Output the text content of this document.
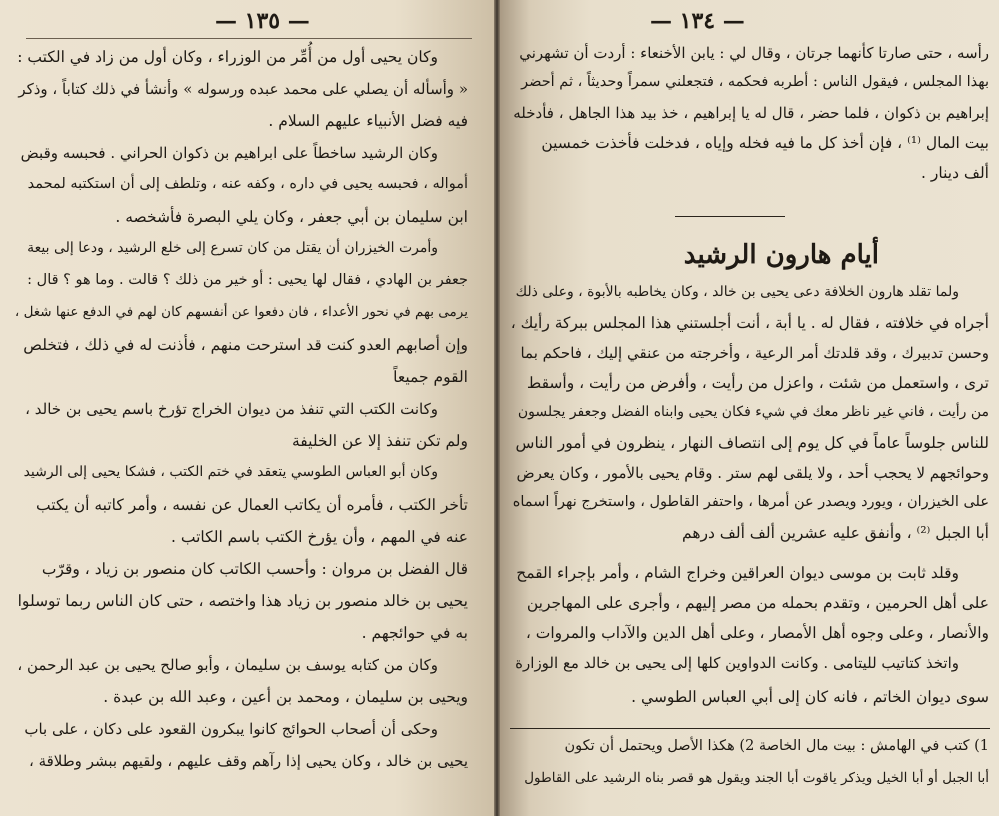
— ١٣٥ —
وكان يحيى أول من أُمِّر من الوزراء ، وكان أول من زاد في الكتب :
« وأسأله أن يصلي على محمد عبده ورسوله » وأنشأ في ذلك كتاباً ، وذكر
فيه فضل الأنبياء عليهم السلام .
وكان الرشيد ساخطاً على ابراهيم بن ذكوان الحراني . فحبسه وقبض
أمواله ، فحبسه يحيى في داره ، وكفه عنه ، وتلطف إلى أن استكتبه لمحمد
ابن سليمان بن أبي جعفر ، وكان يلي البصرة فأشخصه .
وأمرت الخيزران أن يقتل من كان تسرع إلى خلع الرشيد ، ودعا إلى بيعة
جعفر بن الهادي ، فقال لها يحيى : أو خير من ذلك ؟ قالت . وما هو ؟ قال :
يرمى بهم في نحور الأعداء ، فان دفعوا عن أنفسهم كان لهم في الدفع عنها شغل ،
وإن أصابهم العدو كنت قد استرحت منهم ، فأذنت له في ذلك ، فتخلص
القوم جميعاً
وكانت الكتب التي تنفذ من ديوان الخراج تؤرخ باسم يحيى بن خالد ،
ولم تكن تنفذ إلا عن الخليفة
وكان أبو العباس الطوسي يتعقد في ختم الكتب ، فشكا يحيى إلى الرشيد
تأخر الكتب ، فأمره أن يكاتب العمال عن نفسه ، وأمر كاتبه أن يكتب
عنه في المهم ، وأن يؤرخ الكتب باسم الكاتب .
قال الفضل بن مروان : وأحسب الكاتب كان منصور بن زياد ، وقرّب
يحيى بن خالد منصور بن زياد هذا واختصه ، حتى كان الناس ربما توسلوا
به في حوائجهم .
وكان من كتابه يوسف بن سليمان ، وأبو صالح يحيى بن عبد الرحمن ،
ويحيى بن سليمان ، ومحمد بن أعين ، وعبد الله بن عبدة .
وحكى أن أصحاب الحوائج كانوا يبكرون القعود على دكان ، على باب
يحيى بن خالد ، وكان يحيى إذا رآهم وقف عليهم ، ولقيهم ببشر وطلاقة ،
— ١٣٤ —
رأسه ، حتى صارتا كأنهما جرتان ، وقال لي : يابن الأخنعاء : أردت أن تشهرني
بهذا المجلس ، فيقول الناس : أطربه فحكمه ، فتجعلني سمراً وحديثاً ، ثم أحضر
إبراهيم بن ذكوان ، فلما حضر ، قال له يا إبراهيم ، خذ بيد هذا الجاهل ، فأدخله
بيت المال ⁽¹⁾ ، فإن أخذ كل ما فيه فخله وإياه ، فدخلت فأخذت خمسين
ألف دينار .
أيام هارون الرشيد
ولما تقلد هارون الخلافة دعى يحيى بن خالد ، وكان يخاطبه بالأبوة ، وعلى ذلك
أجراه في خلافته ، فقال له . يا أبة ، أنت أجلستني هذا المجلس ببركة رأيك ،
وحسن تدبيرك ، وقد قلدتك أمر الرعية ، وأخرجته من عنقي إليك ، فاحكم بما
ترى ، واستعمل من شئت ، واعزل من رأيت ، وأفرض من رأيت ، وأسقط
من رأيت ، فاني غير ناظر معك في شيء فكان يحيى وابناه الفضل وجعفر يجلسون
للناس جلوساً عاماً في كل يوم إلى انتصاف النهار ، ينظرون في أمور الناس
وحوائجهم لا يحجب أحد ، ولا يلقى لهم ستر . وقام يحيى بالأمور ، وكان يعرض
على الخيزران ، ويورد ويصدر عن أمرها ، واحتفر القاطول ، واستخرج نهراً اسماه
أبا الجبل ⁽²⁾ ، وأنفق عليه عشرين ألف ألف درهم
وقلد ثابت بن موسى ديوان العراقين وخراج الشام ، وأمر بإجراء القمح
على أهل الحرمين ، وتقدم بحمله من مصر إليهم ، وأجرى على المهاجرين
والأنصار ، وعلى وجوه أهل الأمصار ، وعلى أهل الدين والآداب والمروات ،
واتخذ كتاتيب لليتامى . وكانت الدواوين كلها إلى يحيى بن خالد مع الوزارة
سوى ديوان الخاتم ، فانه كان إلى أبي العباس الطوسي .
1) كتب في الهامش : بيت مال الخاصة 2) هكذا الأصل ويحتمل أن تكون
أبا الجبل أو أبا الخيل ويذكر ياقوت أبا الجند ويقول هو قصر بناه الرشيد على القاطول
